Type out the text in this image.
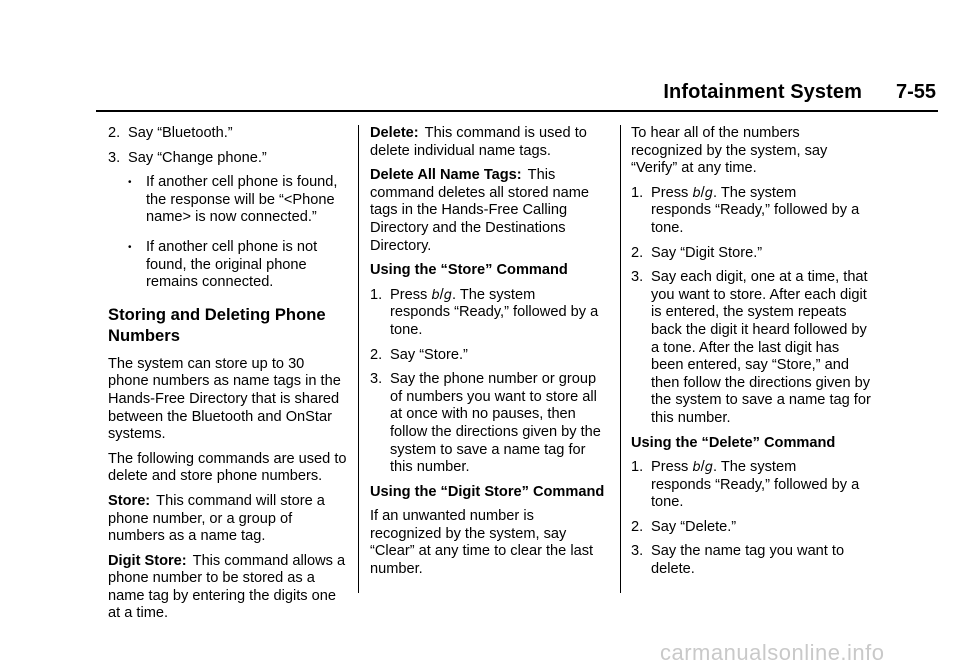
Infotainment System 7-55
2. Say “Bluetooth.”
3. Say “Change phone.”
• If another cell phone is found, the response will be “<Phone name> is now connected.”
• If another cell phone is not found, the original phone remains connected.
Storing and Deleting Phone Numbers

The system can store up to 30 phone numbers as name tags in the Hands-Free Directory that is shared between the Bluetooth and OnStar systems.

The following commands are used to delete and store phone numbers.

Store: This command will store a phone number, or a group of numbers as a name tag.

Digit Store: This command allows a phone number to be stored as a name tag by entering the digits one at a time.

Delete: This command is used to delete individual name tags.

Delete All Name Tags: This command deletes all stored name tags in the Hands-Free Calling Directory and the Destinations Directory.

Using the “Store” Command
1. Press b/g. The system
responds “Ready,” followed by a tone.
2. Say “Store.”
3. Say the phone number or group of numbers you want to store all at once with no pauses, then follow the directions given by the system to save a name tag for this number.
Using the “Digit Store” Command

If an unwanted number is recognized by the system, say “Clear” at any time to clear the last number.

To hear all of the numbers recognized by the system, say “Verify” at any time.

1. Press b/g. The system
responds “Ready,” followed by a tone.
2. Say “Digit Store.”
3. Say each digit, one at a time, that you want to store. After each digit is entered, the system repeats back the digit it heard followed by a tone. After the last digit has been entered, say “Store,” and then follow the directions given by the system to save a name tag for this number.
Using the “Delete” Command
1. Press b/g. The system
responds “Ready,” followed by a tone.
2. Say “Delete.”
3. Say the name tag you want to delete.
carmanualsonline.info
